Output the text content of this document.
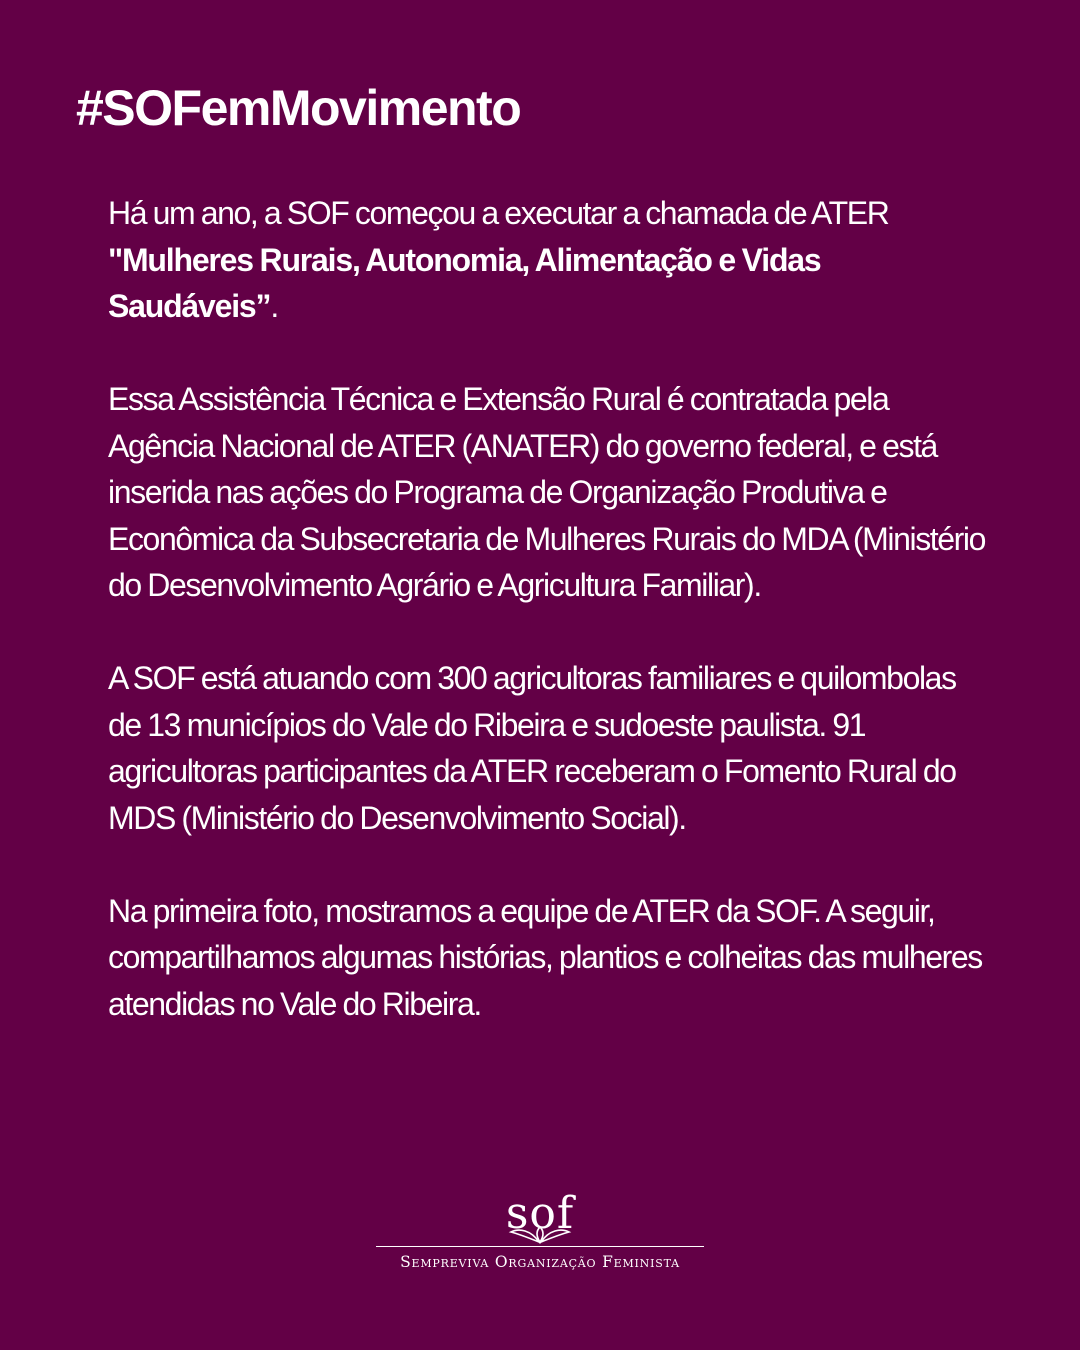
#SOFemMovimento

Há um ano, a SOF começou a executar a chamada de ATER "Mulheres Rurais, Autonomia, Alimentação e Vidas Saudáveis”.

Essa Assistência Técnica e Extensão Rural é contratada pela Agência Nacional de ATER (ANATER) do governo federal, e está inserida nas ações do Programa de Organização Produtiva e Econômica da Subsecretaria de Mulheres Rurais do MDA (Ministério do Desenvolvimento Agrário e Agricultura Familiar).

A SOF está atuando com 300 agricultoras familiares e quilombolas de 13 municípios do Vale do Ribeira e sudoeste paulista. 91 agricultoras participantes da ATER receberam o Fomento Rural do MDS (Ministério do Desenvolvimento Social).

Na primeira foto, mostramos a equipe de ATER da SOF. A seguir, compartilhamos algumas histórias, plantios e colheitas das mulheres atendidas no Vale do Ribeira.

sof
Sempreviva Organização Feminista
